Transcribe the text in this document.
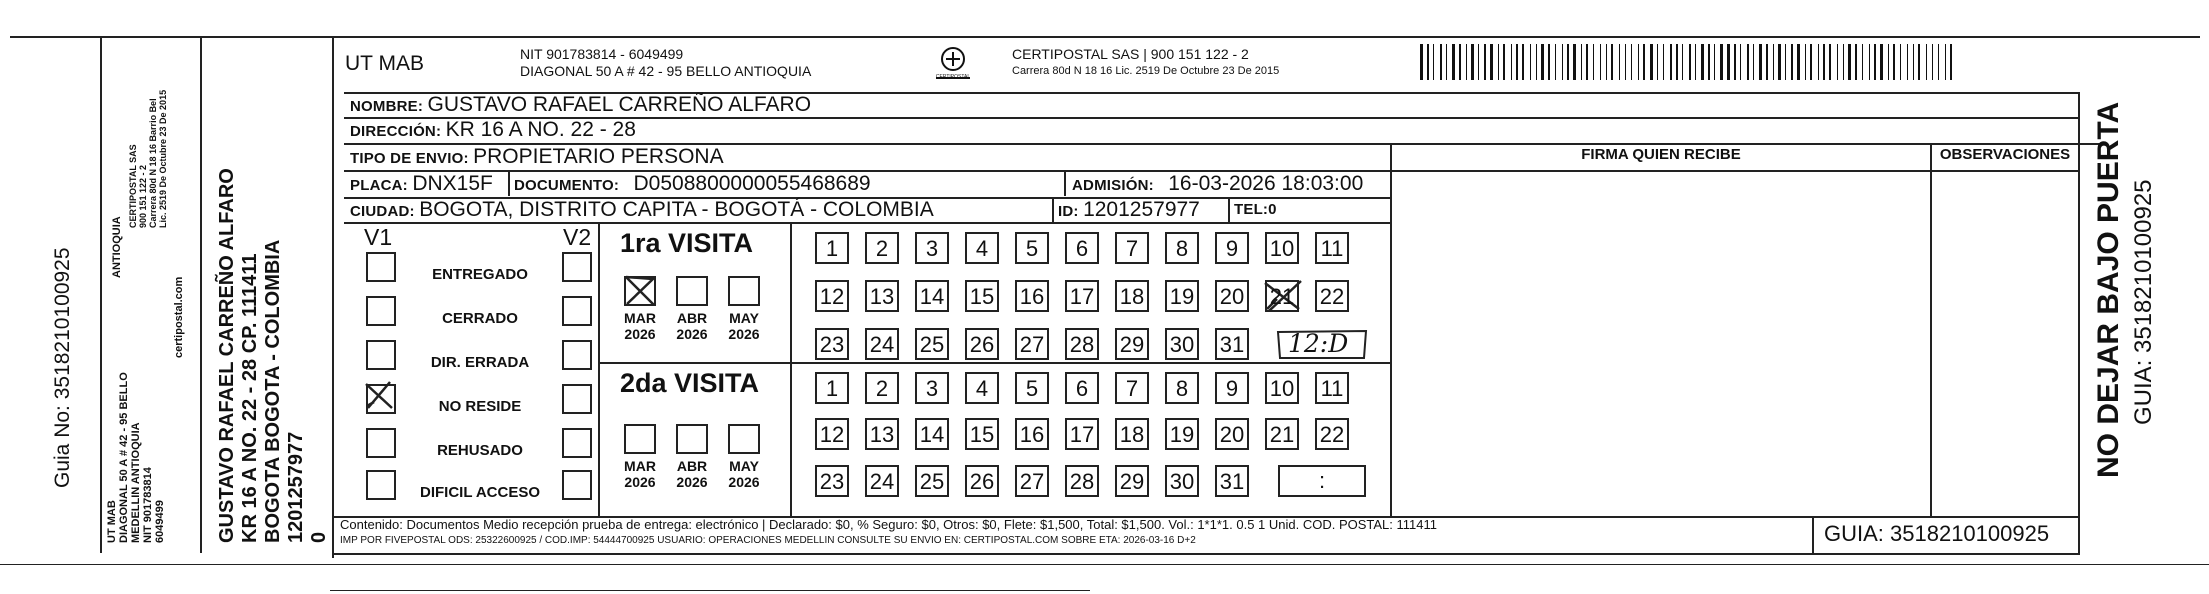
Guia No: 3518210100925
UT MAB DIAGONAL 50 A # 42 - 95 BELLO MEDELLIN ANTIOQUIA NIT 901783814 6049499
ANTIOQUIA
CERTIPOSTAL SAS 900 151 122 - 2 Carrera 80d N 18 16 Barrio Bel Lic. 2519 De Octubre 23 De 2015
certipostal.com GUSTAVO RAFAEL CARREÑO ALFARO KR 16 A NO. 22 - 28 CP. 111411 BOGOTA BOGOTA - COLOMBIA 1201257977 0
UT MAB	NIT 901783814 - 6049499
DIAGONAL 50 A # 42 - 95 BELLO ANTIOQUIA	CERTIPOSTAL
CERTIPOSTAL SAS | 900 151 122 - 2
Carrera 80d N 18 16 Lic. 2519 De Octubre 23 De 2015
NOMBRE: GUSTAVO RAFAEL CARREÑO ALFARO
DIRECCIÓN: KR 16 A NO. 22 - 28
TIPO DE ENVIO: PROPIETARIO PERSONA
PLACA: DNX15F	DOCUMENTO: D0508800000055468689	ADMISIÓN: 16-03-2026 18:03:00
CIUDAD: BOGOTA, DISTRITO CAPITA - BOGOTÁ - COLOMBIA	ID: 1201257977	TEL:0
FIRMA QUIEN RECIBE	OBSERVACIONES
V1	V2
ENTREGADO
CERRADO
DIR. ERRADA
NO RESIDE
REHUSADO
DIFICIL ACCESO
1ra VISITA
2da VISITA
MAR
2026
ABR
2026
MAY
2026
MAR
2026
ABR
2026
MAY
2026
1	2	3	4	5	6	7	8	9	10 11
12 13 14 15 16 17 18 19 20 21 22
23 24 25 26 27 28 29 30 31
1	2	3	4	5	6	7	8	9	10 11
12 13 14 15 16 17 18 19 20 21 22
23 24 25 26 27 28 29 30 31
12:D
:
Contenido: Documentos Medio recepción prueba de entrega: electrónico | Declarado: $0, % Seguro: $0, Otros: $0, Flete: $1,500, Total: $1,500. Vol.: 1*1*1. 0.5 1 Unid. COD. POSTAL: 111411
IMP POR FIVEPOSTAL ODS: 25322600925 / COD.IMP: 54444700925 USUARIO: OPERACIONES MEDELLIN CONSULTE SU ENVIO EN: CERTIPOSTAL.COM SOBRE ETA: 2026-03-16 D+2	GUIA: 3518210100925
NO DEJAR BAJO PUERTA GUIA: 3518210100925
